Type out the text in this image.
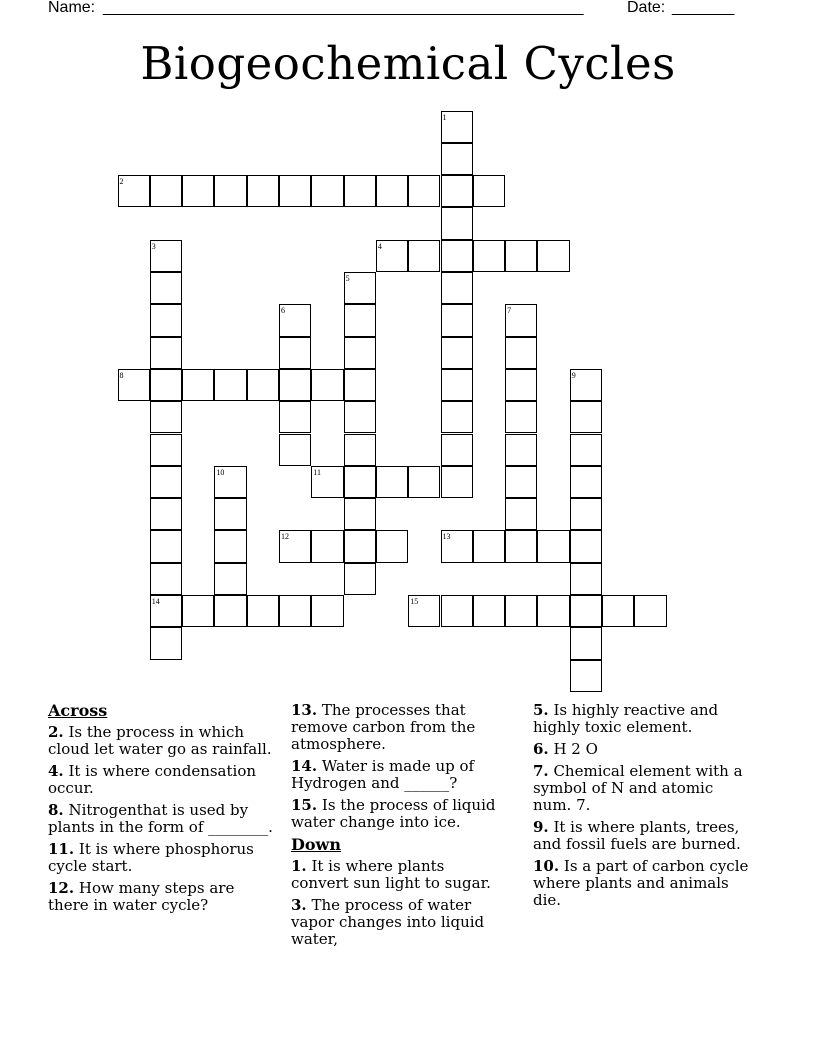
Name: ______________________________________________________	Date: _______
Biogeochemical Cycles
1
2
3	4
5
6	7
8	9
10	11
12	13
14	15
Across
2. Is the process in which cloud let water go as rainfall.
4. It is where condensation occur.
8. Nitrogenthat is used by plants in the form of ________.
11. It is where phosphorus cycle start.
12. How many steps are there in water cycle?
13. The processes that remove carbon from the atmosphere.
14. Water is made up of Hydrogen and ______?
15. Is the process of liquid water change into ice.
Down
1. It is where plants convert sun light to sugar.
3. The process of water vapor changes into liquid water,
5. Is highly reactive and highly toxic element.
6. H 2 O
7. Chemical element with a symbol of N and atomic num. 7.
9. It is where plants, trees, and fossil fuels are burned.
10. Is a part of carbon cycle where plants and animals die.
